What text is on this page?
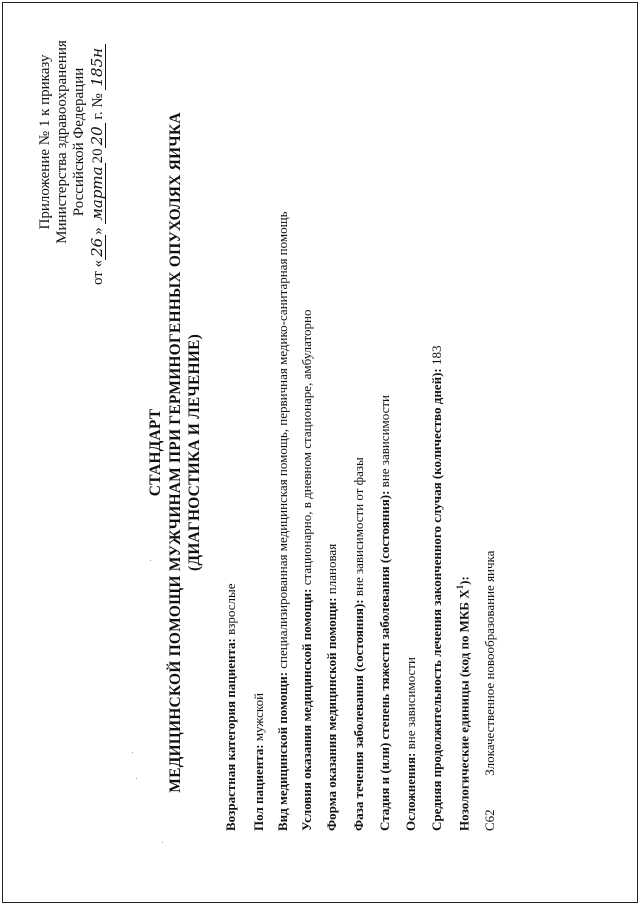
Приложение № 1 к приказу Министерства здравоохранения Российской Федерации
от «26» марта2020 г. № 185н
СТАНДАРТ МЕДИЦИНСКОЙ ПОМОЩИ МУЖЧИНАМ ПРИ ГЕРМИНОГЕННЫХ ОПУХОЛЯХ ЯИЧКА (ДИАГНОСТИКА И ЛЕЧЕНИЕ)
Возрастная категория пациента: взрослые
Пол пациента: мужской Вид медицинской помощи: специализированная медицинская помощь, первичная медико-санитарная помощь
Условия оказания медицинской помощи: стационарно, в дневном стационаре, амбулаторно
Форма оказания медицинской помощи: плановая
Фаза течения заболевания (состояния): вне зависимости от фазы Стадия и (или) степень тяжести заболевания (состояния): вне зависимости
Осложнения: вне зависимости Средняя продолжительность лечения законченного случая (количество дней): 183
Нозологические единицы (код по МКБ $X^1$):
C62 Злокачественное новообразование яичка
